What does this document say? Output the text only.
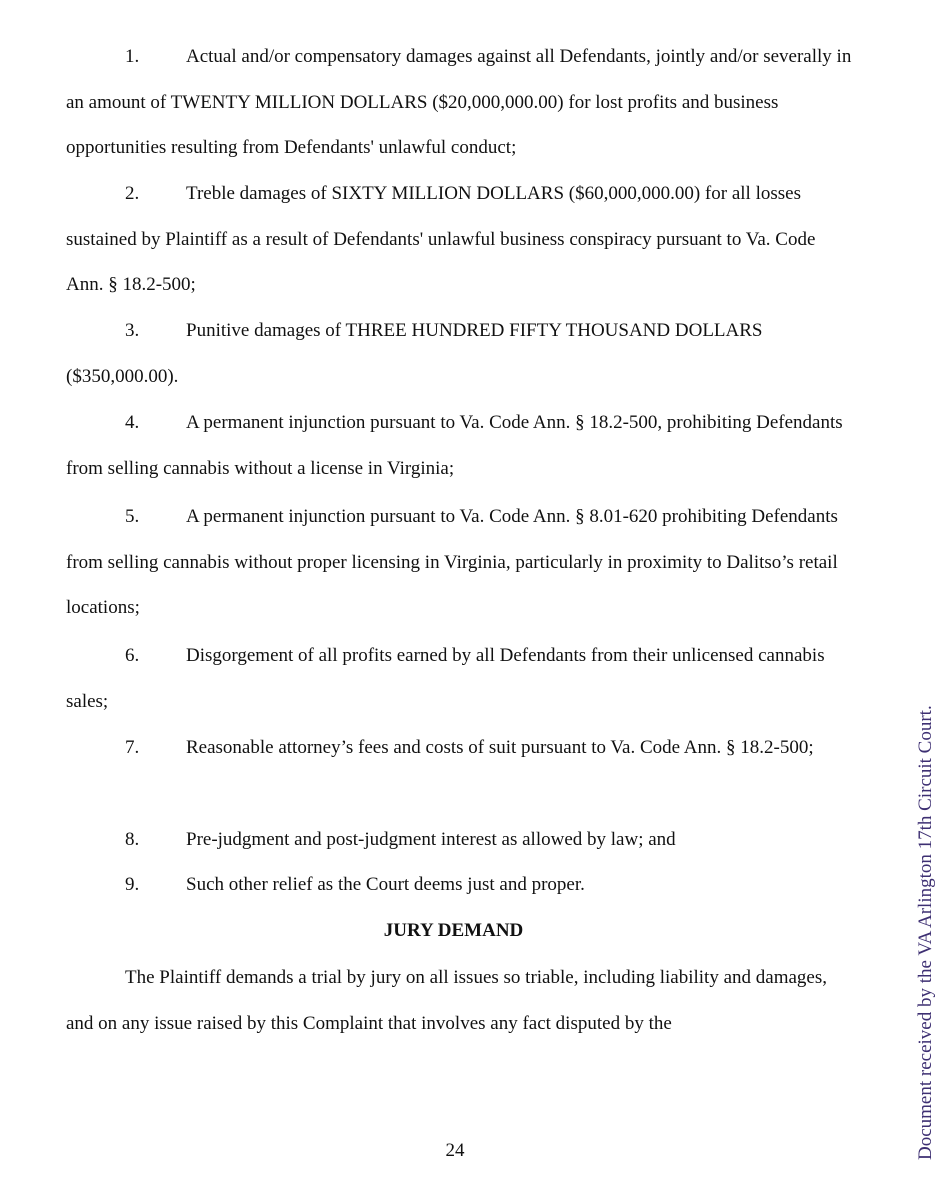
1. Actual and/or compensatory damages against all Defendants, jointly and/or severally in an amount of TWENTY MILLION DOLLARS ($20,000,000.00) for lost profits and business opportunities resulting from Defendants' unlawful conduct;

2. Treble damages of SIXTY MILLION DOLLARS ($60,000,000.00) for all losses sustained by Plaintiff as a result of Defendants' unlawful business conspiracy pursuant to Va. Code Ann. § 18.2-500;

3. Punitive damages of THREE HUNDRED FIFTY THOUSAND DOLLARS ($350,000.00).

4. A permanent injunction pursuant to Va. Code Ann. § 18.2-500, prohibiting Defendants from selling cannabis without a license in Virginia;

5. A permanent injunction pursuant to Va. Code Ann. § 8.01-620 prohibiting Defendants from selling cannabis without proper licensing in Virginia, particularly in proximity to Dalitso’s retail locations;

6. Disgorgement of all profits earned by all Defendants from their unlicensed cannabis sales;

7. Reasonable attorney’s fees and costs of suit pursuant to Va. Code Ann. § 18.2-500;

8. Pre-judgment and post-judgment interest as allowed by law; and

9. Such other relief as the Court deems just and proper.

JURY DEMAND

The Plaintiff demands a trial by jury on all issues so triable, including liability and damages, and on any issue raised by this Complaint that involves any fact disputed by the

24	Document received by the VA Arlington 17th Circuit Court.
